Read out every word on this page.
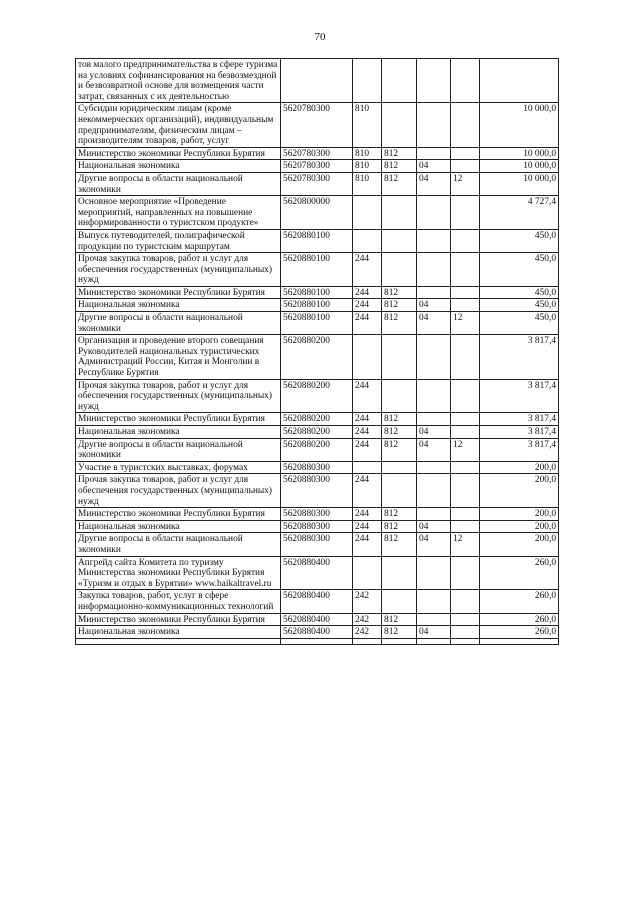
70
тов малого предпринимательства в сфере туризма на условиях софинансирования на безвозмездной и безвозвратной основе для возмещения части затрат, связанных с их деятельностью						
Субсидии юридическим лицам (кроме некоммерческих организаций), индивидуальным предпринимателям, физическим лицам – производителям товаров, работ, услуг	5620780300	810				10 000,0
Министерство экономики Республики Бурятия	5620780300	810	812			10 000,0
Национальная экономика	5620780300	810	812	04		10 000,0
Другие вопросы в области национальной экономики	5620780300	810	812	04	12	10 000,0
Основное мероприятие «Проведение мероприятий, направленных на повышение информированности о туристском продукте»	5620800000					4 727,4
Выпуск путеводителей, полиграфической продукции по туристским маршрутам	5620880100					450,0
Прочая закупка товаров, работ и услуг для обеспечения государственных (муниципальных) нужд	5620880100	244				450,0
Министерство экономики Республики Бурятия	5620880100	244	812			450,0
Национальная экономика	5620880100	244	812	04		450,0
Другие вопросы в области национальной экономики	5620880100	244	812	04	12	450,0
Организация и проведение второго совещания Руководителей национальных туристических Администраций России, Китая и Монголии в Республике Бурятия	5620880200					3 817,4
Прочая закупка товаров, работ и услуг для обеспечения государственных (муниципальных) нужд	5620880200	244				3 817,4
Министерство экономики Республики Бурятия	5620880200	244	812			3 817,4
Национальная экономика	5620880200	244	812	04		3 817,4
Другие вопросы в области национальной экономики	5620880200	244	812	04	12	3 817,4
Участие в туристских выставках, форумах	5620880300					200,0
Прочая закупка товаров, работ и услуг для обеспечения государственных (муниципальных) нужд	5620880300	244				200,0
Министерство экономики Республики Бурятия	5620880300	244	812			200,0
Национальная экономика	5620880300	244	812	04		200,0
Другие вопросы в области национальной экономики	5620880300	244	812	04	12	200,0
Апгрейд сайта Комитета по туризму Министерства экономики Республики Бурятия «Туризм и отдых в Бурятии» www.baikaltravel.ru	5620880400					260,0
Закупка товаров, работ, услуг в сфере информационно-коммуникационных технологий	5620880400	242				260,0
Министерство экономики Республики Бурятия	5620880400	242	812			260,0
Национальная экономика	5620880400	242	812	04		260,0
